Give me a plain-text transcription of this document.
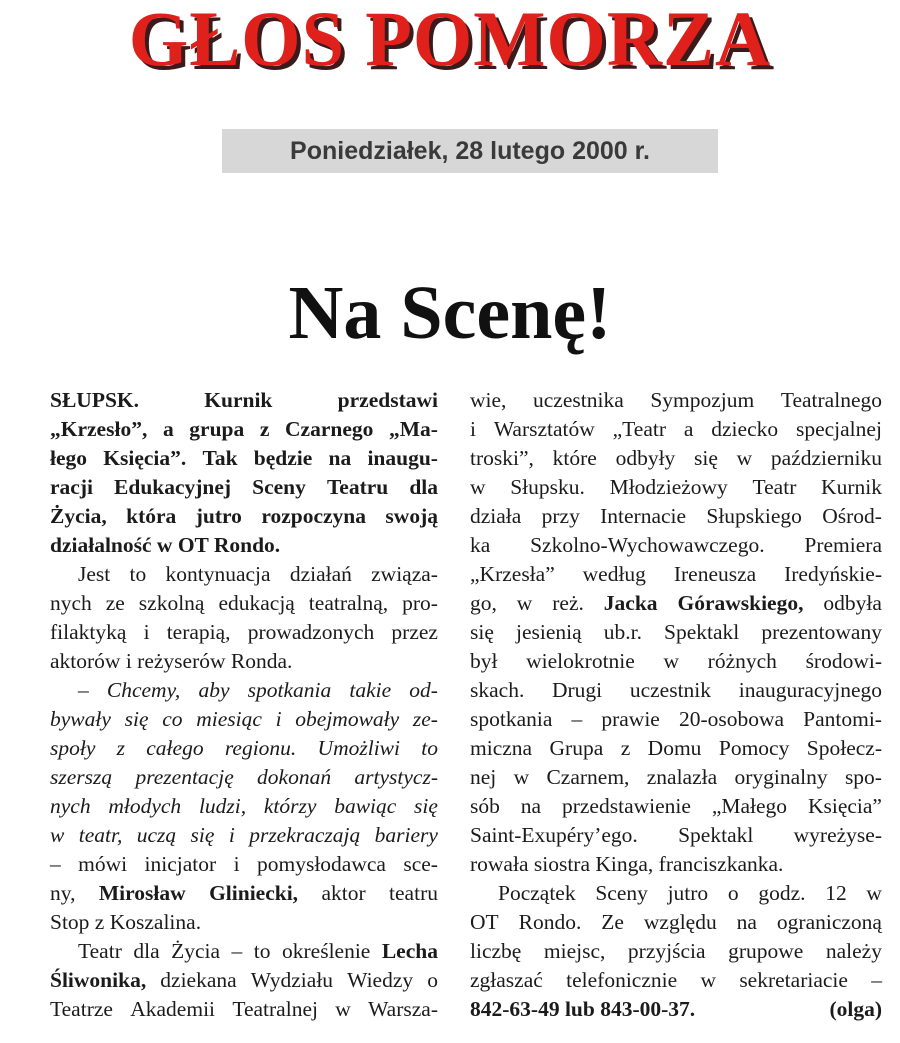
GŁOS POMORZA
Poniedziałek, 28 lutego 2000 r.
Na Scenę!
SŁUPSK.	Kurnik	przedstawi
„Krzesło”, a grupa z Czarnego „Ma-
łego Księcia”. Tak będzie na inaugu-
racji Edukacyjnej Sceny Teatru dla
Życia, która jutro rozpoczyna swoją
działalność w OT Rondo.
Jest to kontynuacja działań związa-
nych ze szkolną edukacją teatralną, pro-
filaktyką i terapią, prowadzonych przez
aktorów i reżyserów Ronda.
– Chcemy, aby spotkania takie od-
bywały się co miesiąc i obejmowały ze-
społy z całego regionu. Umożliwi to
szerszą prezentację dokonań artystycz-
nych młodych ludzi, którzy bawiąc się
w teatr, uczą się i przekraczają bariery
– mówi inicjator i pomysłodawca sce-
ny, Mirosław Gliniecki, aktor teatru
Stop z Koszalina.
Teatr dla Życia – to określenie Lecha
Śliwonika, dziekana Wydziału Wiedzy o
Teatrze Akademii Teatralnej w Warsza-
wie, uczestnika Sympozjum Teatralnego
i Warsztatów „Teatr a dziecko specjalnej
troski”, które odbyły się w październiku
w Słupsku. Młodzieżowy Teatr Kurnik
działa przy Internacie Słupskiego Ośrod-
ka Szkolno-Wychowawczego. Premiera
„Krzesła” według Ireneusza Iredyńskie-
go, w reż. Jacka Górawskiego, odbyła
się jesienią ub.r. Spektakl prezentowany
był wielokrotnie w różnych środowi-
skach. Drugi uczestnik inauguracyjnego
spotkania – prawie 20-osobowa Pantomi-
miczna Grupa z Domu Pomocy Społecz-
nej w Czarnem, znalazła oryginalny spo-
sób na przedstawienie „Małego Księcia”
Saint-Exupéry’ego. Spektakl wyreżyse-
rowała siostra Kinga, franciszkanka.
Początek Sceny jutro o godz. 12 w
OT Rondo. Ze względu na ograniczoną
liczbę miejsc, przyjścia grupowe należy
zgłaszać telefonicznie w sekretariacie –
842-63-49 lub 843-00-37.	(olga)
